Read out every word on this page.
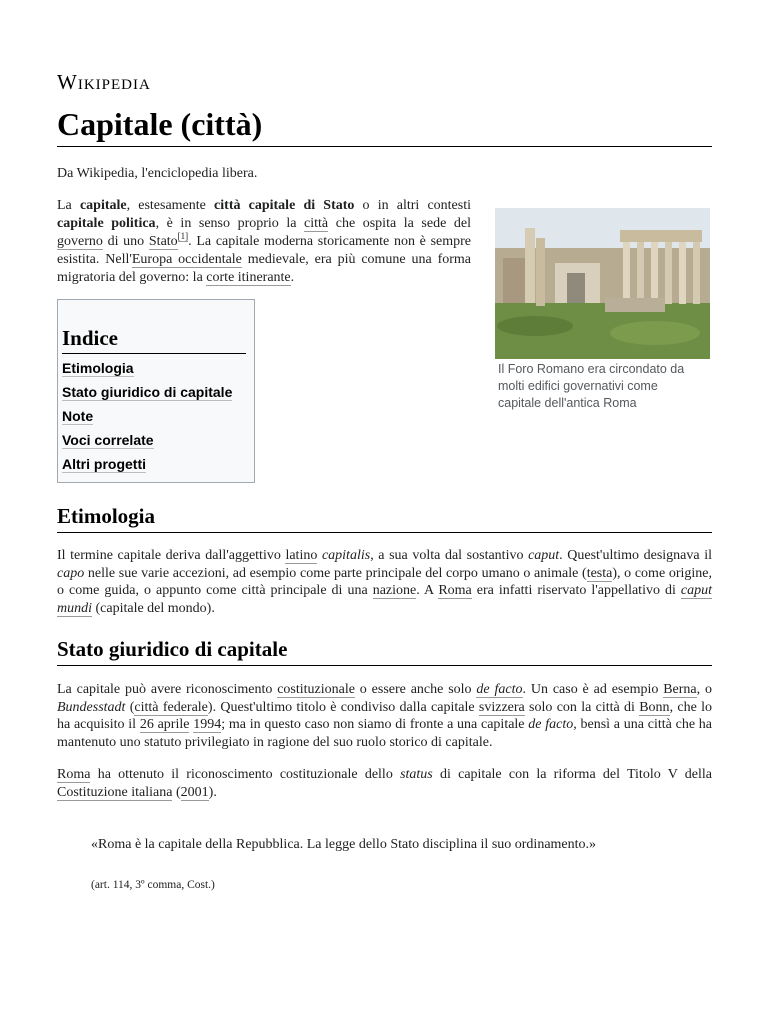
Wikipedia
Capitale (città)
Da Wikipedia, l'enciclopedia libera.

La capitale, estesamente città capitale di Stato o in altri contesti capitale politica, è in senso proprio la città che ospita la sede del governo di uno Stato[1]. La capitale moderna storicamente non è sempre esistita. Nell'Europa occidentale medievale, era più comune una forma migratoria del governo: la corte itinerante.

Il Foro Romano era circondato da molti edifici governativi come capitale dell'antica Roma
Indice
Etimologia
Stato giuridico di capitale
Note
Voci correlate
Altri progetti
Etimologia

Il termine capitale deriva dall'aggettivo latino capitalis, a sua volta dal sostantivo caput. Quest'ultimo designava il capo nelle sue varie accezioni, ad esempio come parte principale del corpo umano o animale (testa), o come origine, o come guida, o appunto come città principale di una nazione. A Roma era infatti riservato l'appellativo di caput mundi (capitale del mondo).

Stato giuridico di capitale

La capitale può avere riconoscimento costituzionale o essere anche solo de facto. Un caso è ad esempio Berna, o Bundesstadt (città federale). Quest'ultimo titolo è condiviso dalla capitale svizzera solo con la città di Bonn, che lo ha acquisito il 26 aprile 1994; ma in questo caso non siamo di fronte a una capitale de facto, bensì a una città che ha mantenuto uno statuto privilegiato in ragione del suo ruolo storico di capitale.

Roma ha ottenuto il riconoscimento costituzionale dello status di capitale con la riforma del Titolo V della Costituzione italiana (2001).

«Roma è la capitale della Repubblica. La legge dello Stato disciplina il suo ordinamento.»
(art. 114, 3º comma, Cost.)
